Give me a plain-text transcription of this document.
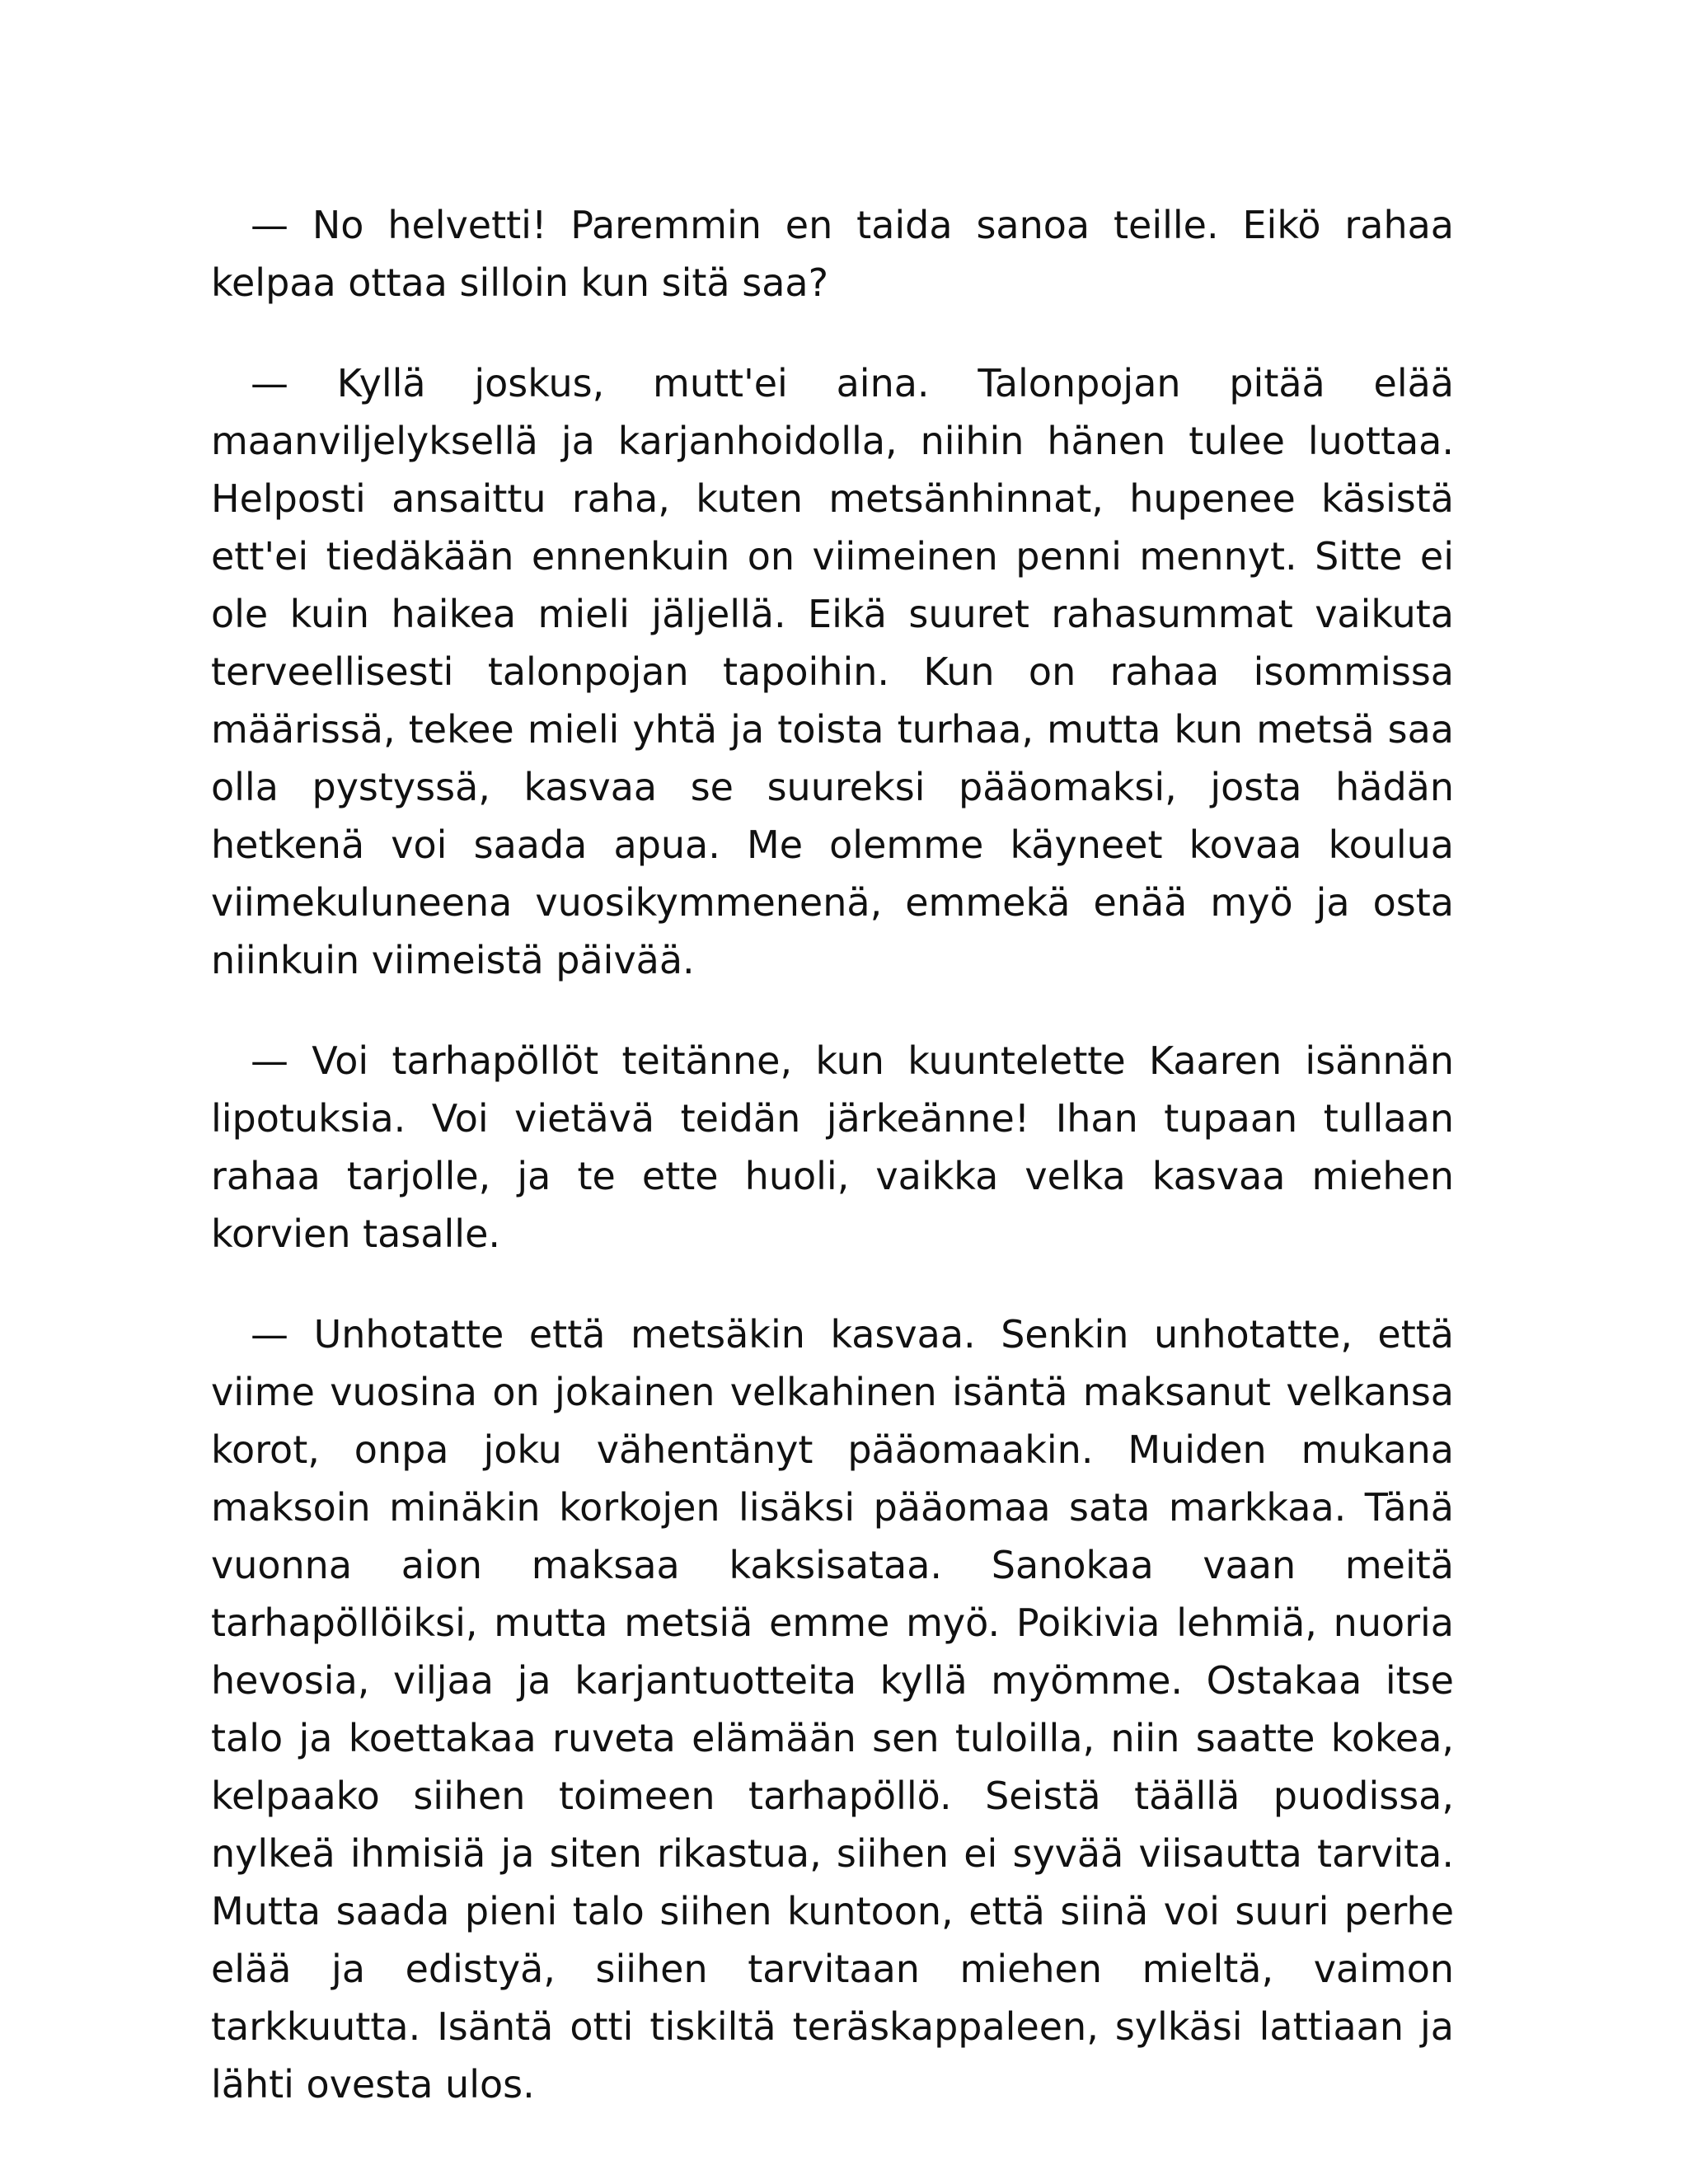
— No helvetti! Paremmin en taida sanoa teille. Eikö rahaa kelpaa ottaa silloin kun sitä saa?

— Kyllä joskus, mutt'ei aina. Talonpojan pitää elää maanviljelyksellä ja karjanhoidolla, niihin hänen tulee luottaa. Helposti ansaittu raha, kuten metsänhinnat, hupenee käsistä ett'ei tiedäkään ennenkuin on viimeinen penni mennyt. Sitte ei ole kuin haikea mieli jäljellä. Eikä suuret rahasummat vaikuta terveellisesti talonpojan tapoihin. Kun on rahaa isommissa määrissä, tekee mieli yhtä ja toista turhaa, mutta kun metsä saa olla pystyssä, kasvaa se suureksi pääomaksi, josta hädän hetkenä voi saada apua. Me olemme käyneet kovaa koulua viimekuluneena vuosikymmenenä, emmekä enää myö ja osta niinkuin viimeistä päivää.

— Voi tarhapöllöt teitänne, kun kuuntelette Kaaren isännän lipotuksia. Voi vietävä teidän järkeänne! Ihan tupaan tullaan rahaa tarjolle, ja te ette huoli, vaikka velka kasvaa miehen korvien tasalle.

— Unhotatte että metsäkin kasvaa. Senkin unhotatte, että viime vuosina on jokainen velkahinen isäntä maksanut velkansa korot, onpa joku vähentänyt pääomaakin. Muiden mukana maksoin minäkin korkojen lisäksi pääomaa sata markkaa. Tänä vuonna aion maksaa kaksisataa. Sanokaa vaan meitä tarhapöllöiksi, mutta metsiä emme myö. Poikivia lehmiä, nuoria hevosia, viljaa ja karjantuotteita kyllä myömme. Ostakaa itse talo ja koettakaa ruveta elämään sen tuloilla, niin saatte kokea, kelpaako siihen toimeen tarhapöllö. Seistä täällä puodissa, nylkeä ihmisiä ja siten rikastua, siihen ei syvää viisautta tarvita. Mutta saada pieni talo siihen kuntoon, että siinä voi suuri perhe elää ja edistyä, siihen tarvitaan miehen mieltä, vaimon tarkkuutta. Isäntä otti tiskiltä teräskappaleen, sylkäsi lattiaan ja lähti ovesta ulos.
